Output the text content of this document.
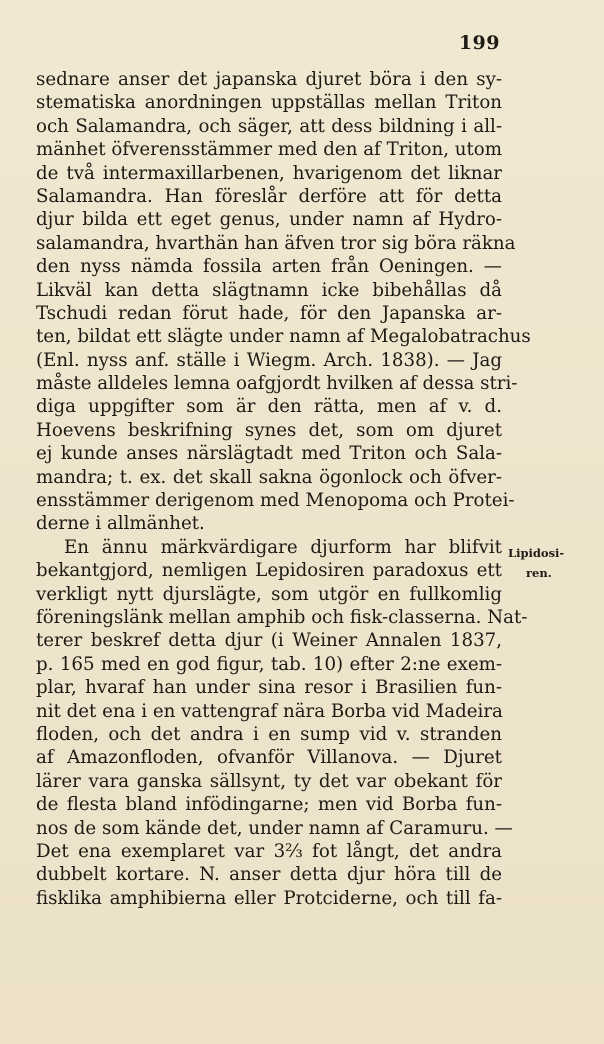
199
sednare anser det japanska djuret böra i den sy-
stematiska anordningen uppställas mellan Triton
och Salamandra, och säger, att dess bildning i all-
mänhet öfverensstämmer med den af Triton, utom
de två intermaxillarbenen, hvarigenom det liknar
Salamandra. Han föreslår derföre att för detta
djur bilda ett eget genus, under namn af Hydro-
salamandra, hvarthän han äfven tror sig böra räkna
den nyss nämda fossila arten från Oeningen. —
Likväl kan detta slägtnamn icke bibehållas då
Tschudi redan förut hade, för den Japanska ar-
ten, bildat ett slägte under namn af Megalobatrachus
(Enl. nyss anf. ställe i Wiegm. Arch. 1838). — Jag
måste alldeles lemna oafgjordt hvilken af dessa stri-
diga uppgifter som är den rätta, men af v. d.
Hoevens beskrifning synes det, som om djuret
ej kunde anses närslägtadt med Triton och Sala-
mandra; t. ex. det skall sakna ögonlock och öfver-
ensstämmer derigenom med Menopoma och Protei-
derne i allmänhet.
En ännu märkvärdigare djurform har blifvit
bekantgjord, nemligen Lepidosiren paradoxus ett
verkligt nytt djurslägte, som utgör en fullkomlig
föreningslänk mellan amphib och fisk-classerna. Nat-
terer beskref detta djur (i Weiner Annalen 1837,
p. 165 med en god figur, tab. 10) efter 2:ne exem-
plar, hvaraf han under sina resor i Brasilien fun-
nit det ena i en vattengraf nära Borba vid Madeira
floden, och det andra i en sump vid v. stranden
af Amazonfloden, ofvanför Villanova. — Djuret
lärer vara ganska sällsynt, ty det var obekant för
de flesta bland infödingarne; men vid Borba fun-
nos de som kände det, under namn af Caramuru. —
Det ena exemplaret var 3⅔ fot långt, det andra
dubbelt kortare. N. anser detta djur höra till de
fisklika amphibierna eller Protciderne, och till fa-
Lipidosi-
ren.
